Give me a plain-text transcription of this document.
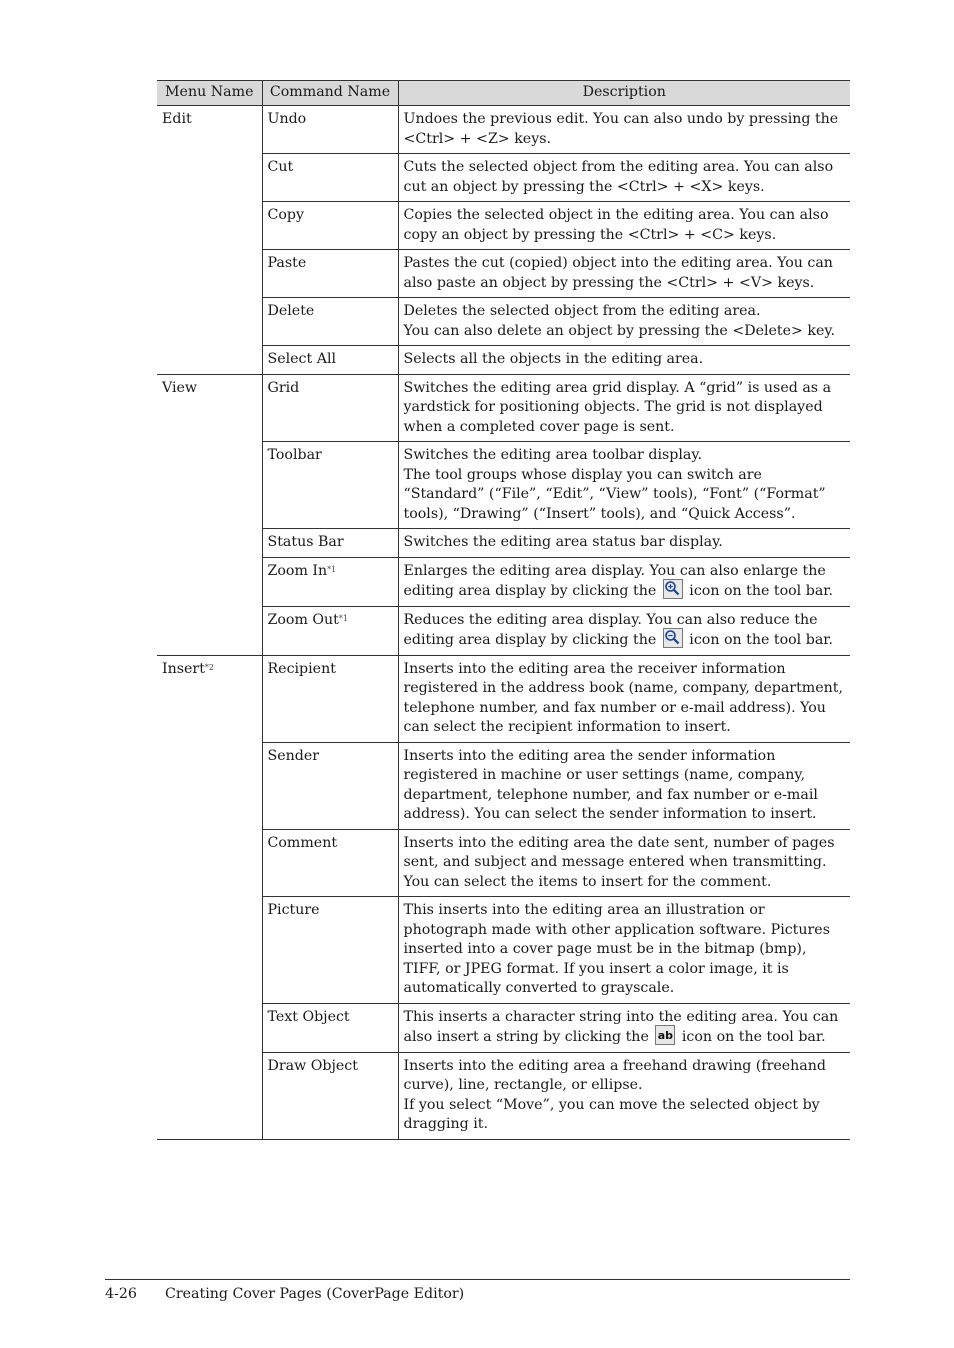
Menu Name	Command Name	Description
Edit	Undo	Undoes the previous edit. You can also undo by pressing the <Ctrl> + <Z> keys.

	Cut	Cuts the selected object from the editing area. You can also cut an object by pressing the <Ctrl> + <X> keys.

	Copy	Copies the selected object in the editing area. You can also copy an object by pressing the <Ctrl> + <C> keys.

	Paste	Pastes the cut (copied) object into the editing area. You can also paste an object by pressing the <Ctrl> + <V> keys.

	Delete	Deletes the selected object from the editing area.
You can also delete an object by pressing the <Delete> key.

	Select All	Selects all the objects in the editing area.

View	Grid	Switches the editing area grid display. A “grid” is used as a yardstick for positioning objects. The grid is not displayed when a completed cover page is sent.

	Toolbar	Switches the editing area toolbar display.
The tool groups whose display you can switch are “Standard” (“File”, “Edit”, “View” tools), “Font” (“Format” tools), “Drawing” (“Insert” tools), and “Quick Access”.

	Status Bar	Switches the editing area status bar display.

	Zoom In$^{*1}$	Enlarges the editing area display. You can also enlarge the editing area display by clicking the icon on the tool bar.
	Zoom Out$^{*1}$	Reduces the editing area display. You can also reduce the editing area display by clicking the icon on the tool bar.
Insert$^{*2}$	Recipient	Inserts into the editing area the receiver information registered in the address book (name, company, department, telephone number, and fax number or e-mail address). You can select the recipient information to insert.

	Sender	Inserts into the editing area the sender information registered in machine or user settings (name, company, department, telephone number, and fax number or e-mail address). You can select the sender information to insert.

	Comment	Inserts into the editing area the date sent, number of pages sent, and subject and message entered when transmitting. You can select the items to insert for the comment.

	Picture	This inserts into the editing area an illustration or photograph made with other application software. Pictures inserted into a cover page must be in the bitmap (bmp), TIFF, or JPEG format. If you insert a color image, it is automatically converted to grayscale.

	Text Object	This inserts a character string into the editing area. You can also insert a string by clicking the ab icon on the tool bar.
	Draw Object	Inserts into the editing area a freehand drawing (freehand curve), line, rectangle, or ellipse.
If you select “Move”, you can move the selected object by dragging it.
4-26 Creating Cover Pages (CoverPage Editor)
